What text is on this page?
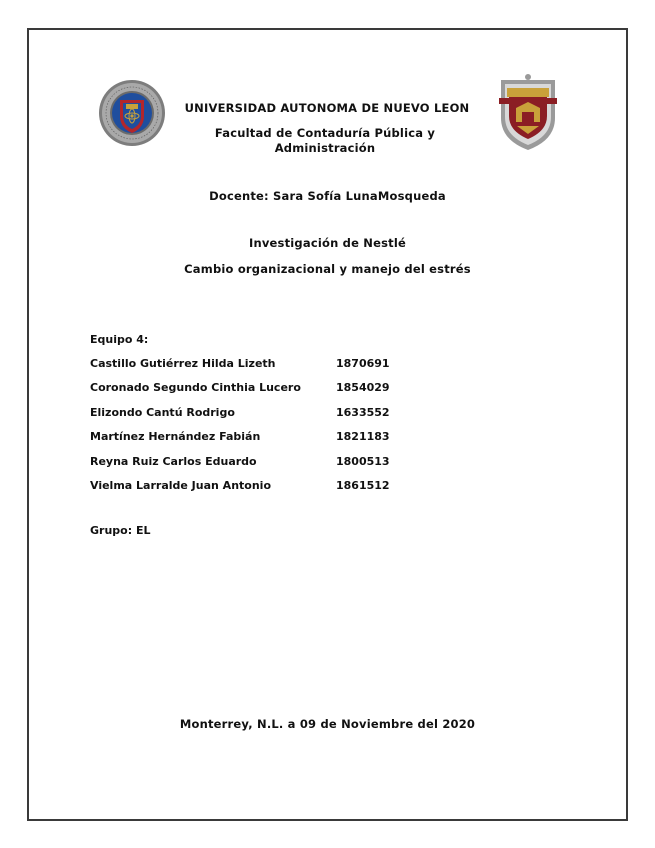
UNIVERSIDAD AUTONOMA DE NUEVO LEON
Facultad de Contaduría Pública y Administración
Docente: Sara Sofía LunaMosqueda
Investigación de Nestlé
Cambio organizacional y manejo del estrés
Equipo 4:
Castillo Gutiérrez Hilda Lizeth	1870691
Coronado Segundo Cinthia Lucero	1854029
Elizondo Cantú Rodrigo	1633552
Martínez Hernández Fabián	1821183
Reyna Ruiz Carlos Eduardo	1800513
Vielma Larralde Juan Antonio	1861512
Grupo: EL
Monterrey, N.L. a 09 de Noviembre del 2020
